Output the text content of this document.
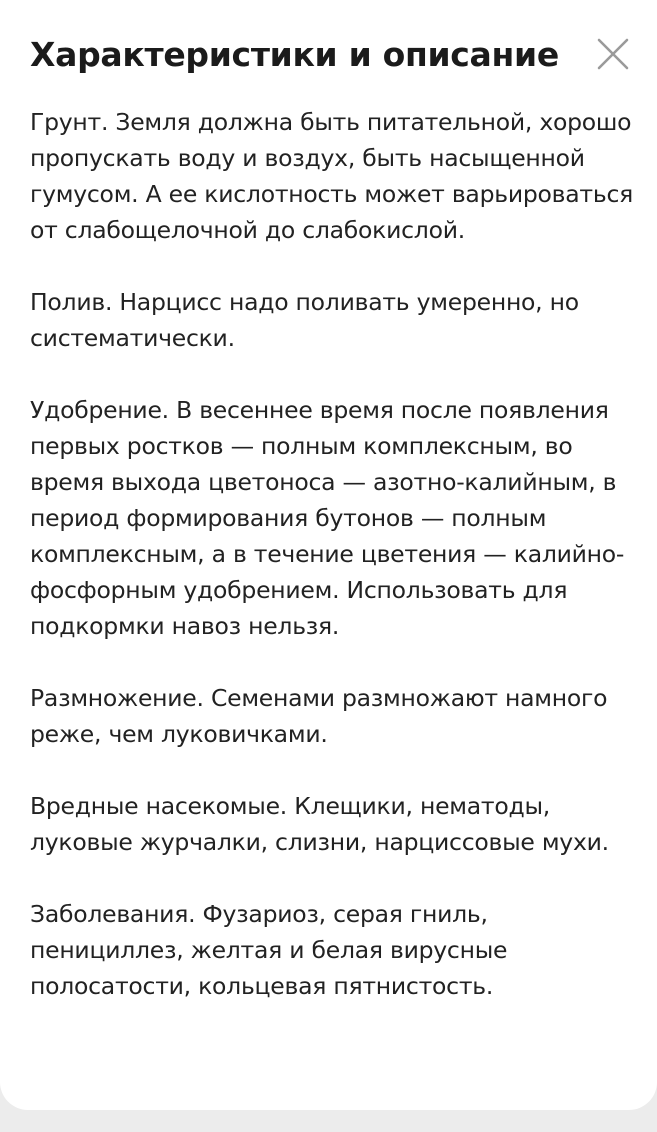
Характеристики и описание

Грунт. Земля должна быть питательной, хорошо пропускать воду и воздух, быть насыщенной гумусом. А ее кислотность может варьироваться от слабощелочной до слабокислой.

Полив. Нарцисс надо поливать умеренно, но систематически.

Удобрение. В весеннее время после появления первых ростков — полным комплексным, во время выхода цветоноса — азотно-калийным, в период формирования бутонов — полным комплексным, а в течение цветения — калийно-фосфорным удобрением. Использовать для подкормки навоз нельзя.

Размножение. Семенами размножают намного реже, чем луковичками.

Вредные насекомые. Клещики, нематоды, луковые журчалки, слизни, нарциссовые мухи.

Заболевания. Фузариоз, серая гниль, пенициллез, желтая и белая вирусные полосатости, кольцевая пятнистость.
